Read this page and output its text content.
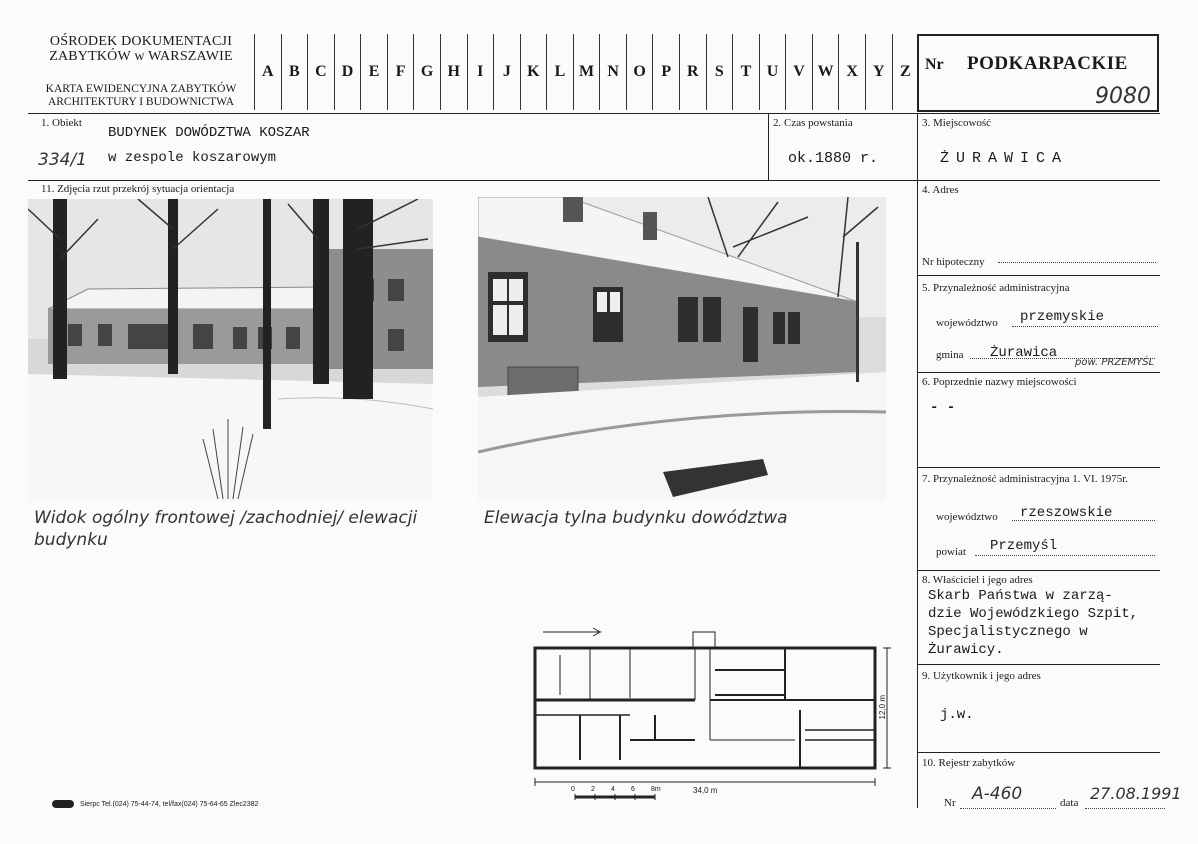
OŚRODEK DOKUMENTACJI
ZABYTKÓW w WARSZAWIE
KARTA EWIDENCYJNA ZABYTKÓW
ARCHITEKTURY I BUDOWNICTWA
A B C D E	F G H	I	J	K L M N O P R	S	T U V W X Y Z Nr PODKARPACKIE
9080
1. Obiekt
BUDYNEK DOWÓDZTWA KOSZAR
w zespole koszarowym
334/1
2. Czas powstania
ok.1880 r.
3. Miejscowość
ŻURAWICA
11. Zdjęcia rzut przekrój sytuacja orientacja
Widok ogólny frontowej /zachodniej/ elewacji
budynku
Elewacja tylna budynku dowództwa
34,0 m
12,0 m
0 2 4 6 8m
Sierpc Tel.(024) 75-44-74, tel/fax(024) 75-64-65 Zlec2382
4. Adres
Nr hipoteczny
5. Przynależność administracyjna
województwo przemyskie
gmina Żurawica
pow. PRZEMYŚL
6. Poprzednie nazwy miejscowości
- -
7. Przynależność administracyjna 1. VI. 1975r.
województwo rzeszowskie
powiat Przemyśl
8. Właściciel i jego adres
Skarb Państwa w zarzą-
dzie Wojewódzkiego Szpit,
Specjalistycznego w
Żurawicy.
9. Użytkownik i jego adres
j.w.
10. Rejestr zabytków
Nr A-460	data 27.08.1991
